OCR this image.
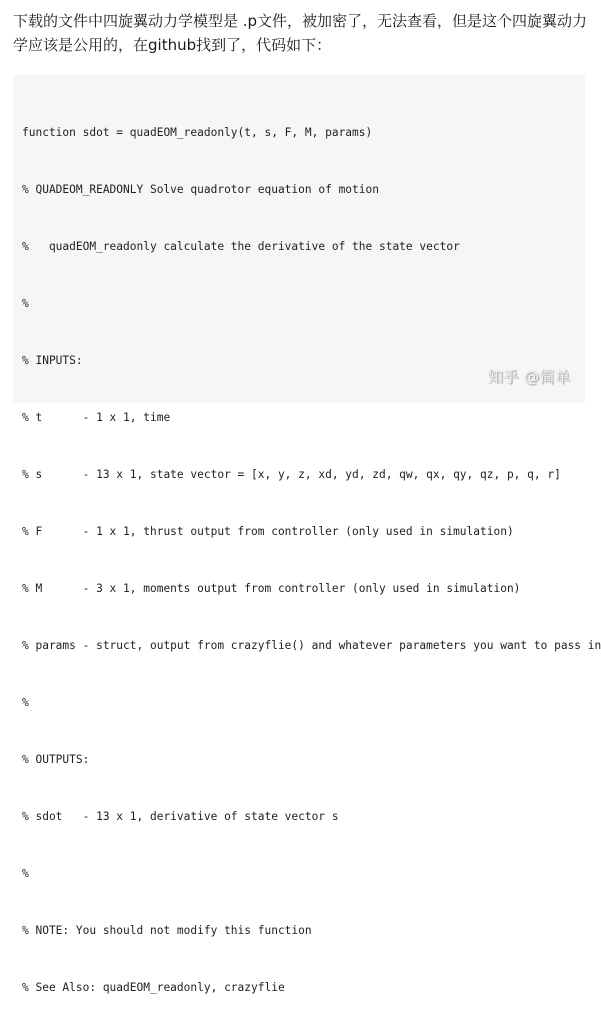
下载的文件中四旋翼动力学模型是 .p文件，被加密了，无法查看，但是这个四旋翼动力学应该是公用的，在github找到了，代码如下：

function sdot = quadEOM_readonly(t, s, F, M, params)

% QUADEOM_READONLY Solve quadrotor equation of motion

%   quadEOM_readonly calculate the derivative of the state vector

%

% INPUTS:

% t      - 1 x 1, time

% s      - 13 x 1, state vector = [x, y, z, xd, yd, zd, qw, qx, qy, qz, p, q, r]

% F      - 1 x 1, thrust output from controller (only used in simulation)

% M      - 3 x 1, moments output from controller (only used in simulation)

% params - struct, output from crazyflie() and whatever parameters you want to pass in

%

% OUTPUTS:

% sdot   - 13 x 1, derivative of state vector s

%

% NOTE: You should not modify this function

% See Also: quadEOM_readonly, crazyflie

知乎 @简单
